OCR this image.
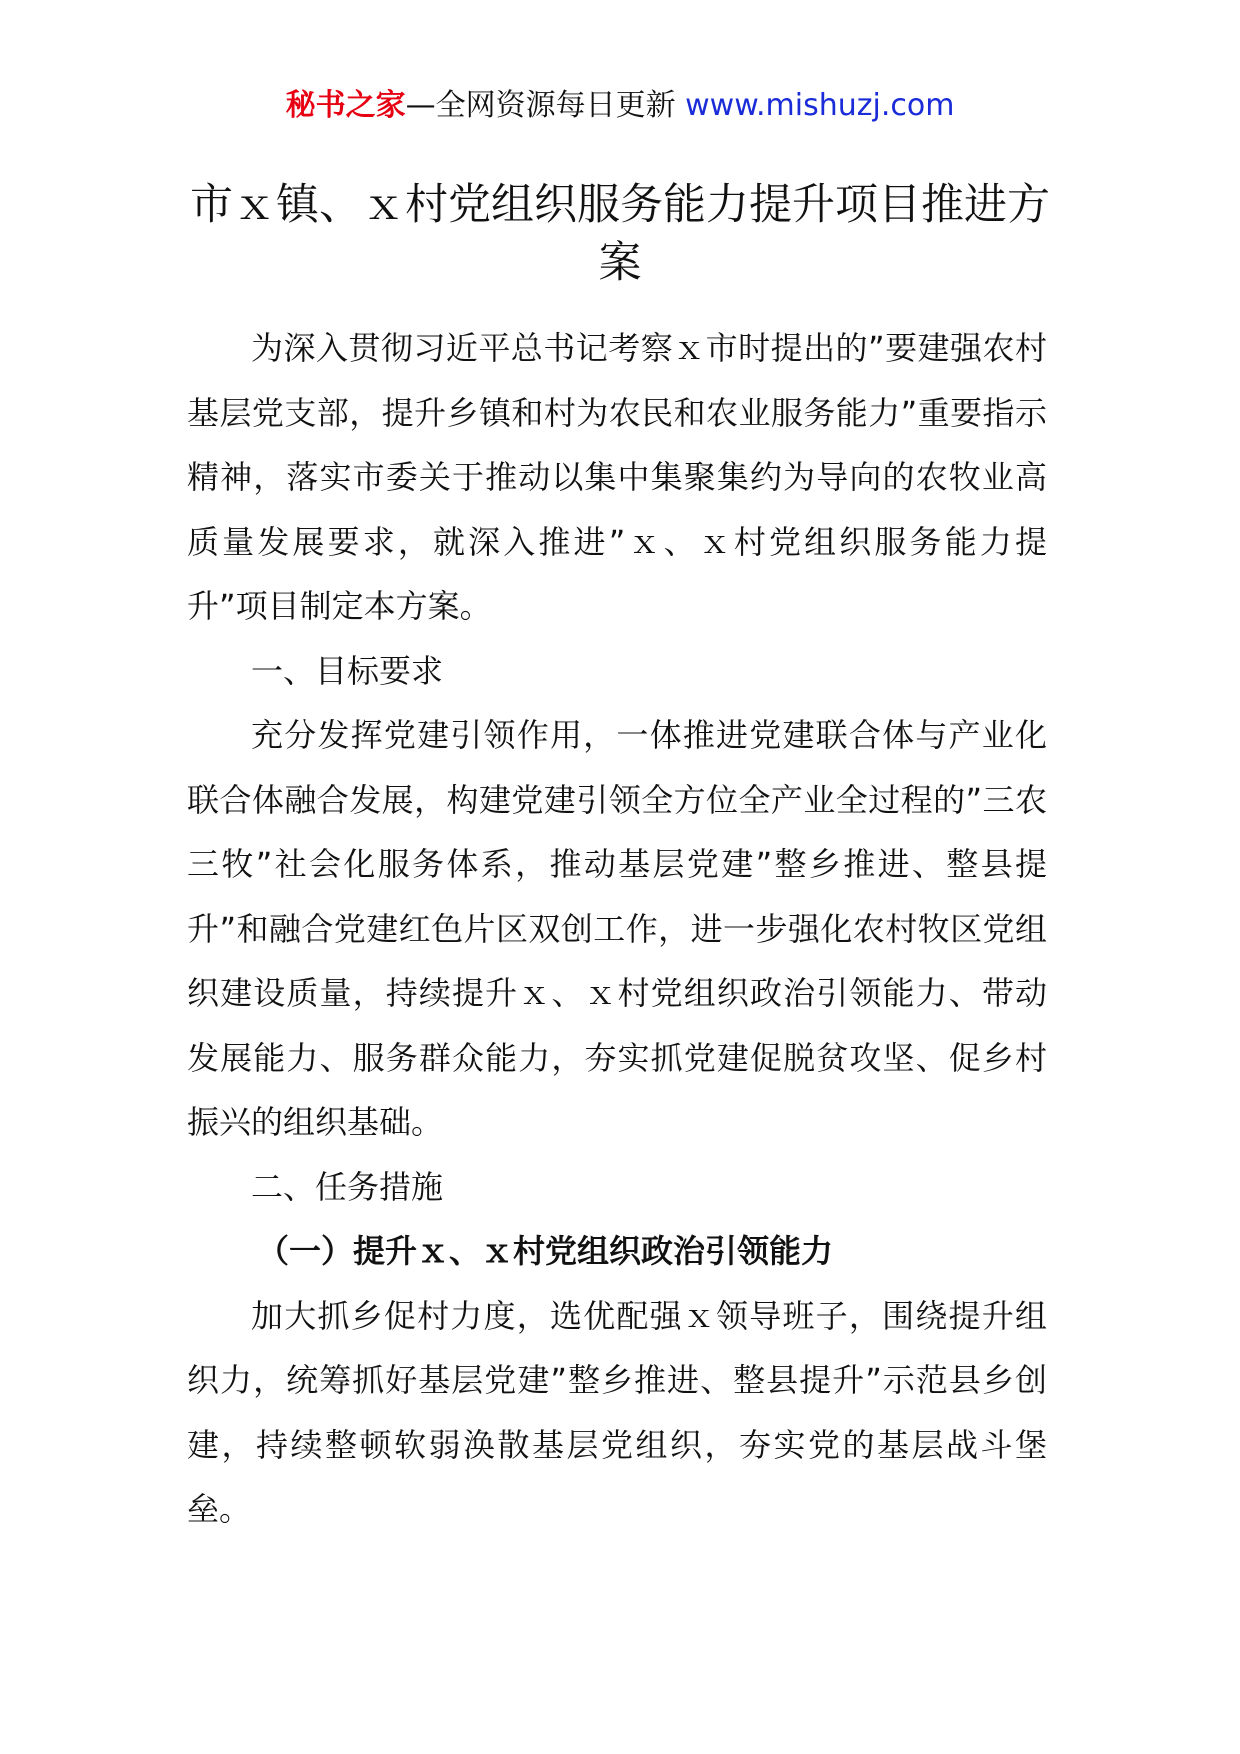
秘书之家—全网资源每日更新 www.mishuzj.com
市ｘ镇、ｘ村党组织服务能力提升项目推进方案

为深入贯彻习近平总书记考察ｘ市时提出的”要建强农村基层党支部，提升乡镇和村为农民和农业服务能力”重要指示精神，落实市委关于推动以集中集聚集约为导向的农牧业高质量发展要求，就深入推进”ｘ、ｘ村党组织服务能力提升”项目制定本方案。

一、目标要求

充分发挥党建引领作用，一体推进党建联合体与产业化联合体融合发展，构建党建引领全方位全产业全过程的”三农三牧”社会化服务体系，推动基层党建”整乡推进、整县提升”和融合党建红色片区双创工作，进一步强化农村牧区党组织建设质量，持续提升ｘ、ｘ村党组织政治引领能力、带动发展能力、服务群众能力，夯实抓党建促脱贫攻坚、促乡村振兴的组织基础。

二、任务措施

（一）提升ｘ、ｘ村党组织政治引领能力

加大抓乡促村力度，选优配强ｘ领导班子，围绕提升组织力，统筹抓好基层党建”整乡推进、整县提升”示范县乡创建，持续整顿软弱涣散基层党组织，夯实党的基层战斗堡垒。
